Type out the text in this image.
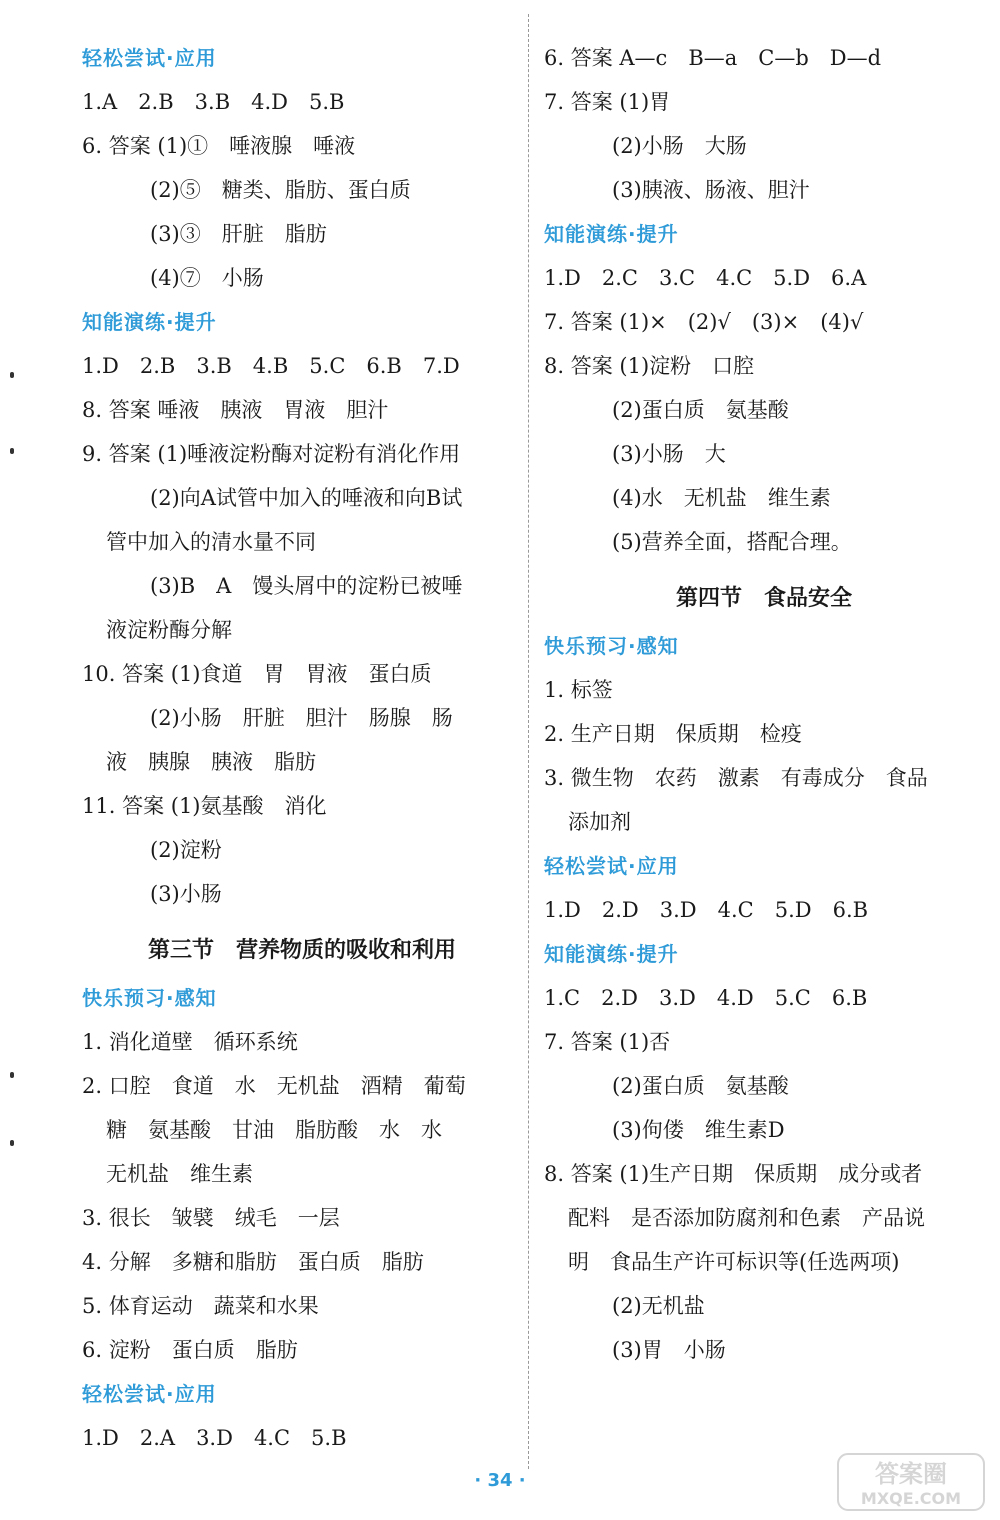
轻松尝试·应用
1.A　2.B　3.B　4.D　5.B
6. 答案 (1)①　唾液腺　唾液
(2)⑤　糖类、脂肪、蛋白质
(3)③　肝脏　脂肪
(4)⑦　小肠
知能演练·提升
1.D　2.B　3.B　4.B　5.C　6.B　7.D
8. 答案 唾液　胰液　胃液　胆汁
9. 答案 (1)唾液淀粉酶对淀粉有消化作用
(2)向A试管中加入的唾液和向B试
管中加入的清水量不同
(3)B　A　馒头屑中的淀粉已被唾
液淀粉酶分解
10. 答案 (1)食道　胃　胃液　蛋白质
(2)小肠　肝脏　胆汁　肠腺　肠
液　胰腺　胰液　脂肪
11. 答案 (1)氨基酸　消化
(2)淀粉
(3)小肠
第三节　营养物质的吸收和利用
快乐预习·感知
1. 消化道壁　循环系统
2. 口腔　食道　水　无机盐　酒精　葡萄
糖　氨基酸　甘油　脂肪酸　水　水
无机盐　维生素
3. 很长　皱襞　绒毛　一层
4. 分解　多糖和脂肪　蛋白质　脂肪
5. 体育运动　蔬菜和水果
6. 淀粉　蛋白质　脂肪
轻松尝试·应用
1.D　2.A　3.D　4.C　5.B
6. 答案 A—c　B—a　C—b　D—d
7. 答案 (1)胃
(2)小肠　大肠
(3)胰液、肠液、胆汁
知能演练·提升
1.D　2.C　3.C　4.C　5.D　6.A
7. 答案 (1)×　(2)√　(3)×　(4)√
8. 答案 (1)淀粉　口腔
(2)蛋白质　氨基酸
(3)小肠　大
(4)水　无机盐　维生素
(5)营养全面，搭配合理。
第四节　食品安全
快乐预习·感知
1. 标签
2. 生产日期　保质期　检疫
3. 微生物　农药　激素　有毒成分　食品
添加剂
轻松尝试·应用
1.D　2.D　3.D　4.C　5.D　6.B
知能演练·提升
1.C　2.D　3.D　4.D　5.C　6.B
7. 答案 (1)否
(2)蛋白质　氨基酸
(3)佝偻　维生素D
8. 答案 (1)生产日期　保质期　成分或者
配料　是否添加防腐剂和色素　产品说
明　食品生产许可标识等(任选两项)
(2)无机盐
(3)胃　小肠
· 34 ·	答案圈
MXQE.COM
